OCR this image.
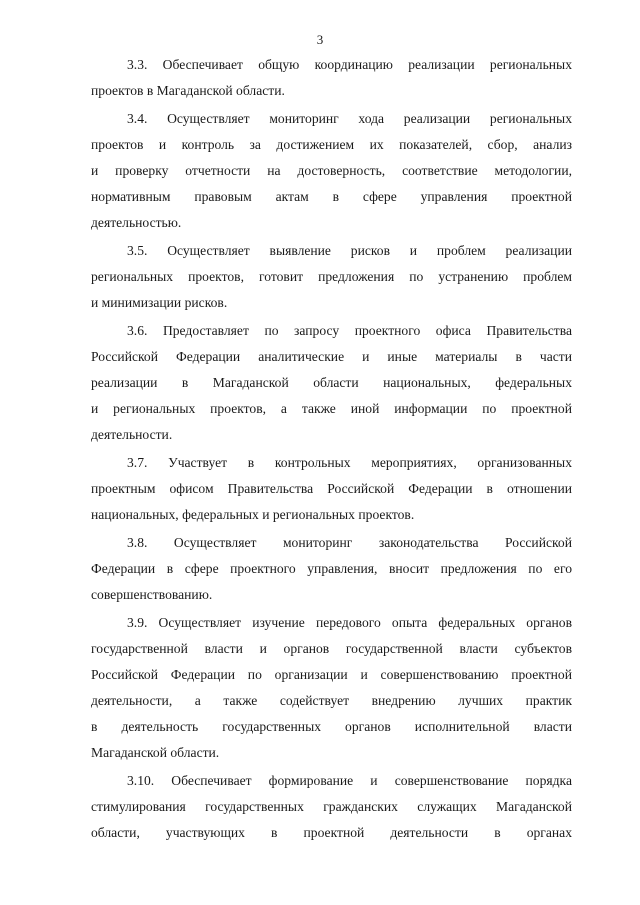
3
3.3. Обеспечивает общую координацию реализации региональных
проектов в Магаданской области.
3.4. Осуществляет мониторинг хода реализации региональных
проектов и контроль за достижением их показателей, сбор, анализ
и проверку отчетности на достоверность, соответствие методологии,
нормативным правовым актам в сфере управления проектной
деятельностью.
3.5. Осуществляет выявление рисков и проблем реализации
региональных проектов, готовит предложения по устранению проблем
и минимизации рисков.
3.6. Предоставляет по запросу проектного офиса Правительства
Российской Федерации аналитические и иные материалы в части
реализации в Магаданской области национальных, федеральных
и региональных проектов, а также иной информации по проектной
деятельности.
3.7. Участвует в контрольных мероприятиях, организованных
проектным офисом Правительства Российской Федерации в отношении
национальных, федеральных и региональных проектов.
3.8. Осуществляет мониторинг законодательства Российской
Федерации в сфере проектного управления, вносит предложения по его
совершенствованию.
3.9. Осуществляет изучение передового опыта федеральных органов
государственной власти и органов государственной власти субъектов
Российской Федерации по организации и совершенствованию проектной
деятельности, а также содействует внедрению лучших практик
в деятельность государственных органов исполнительной власти
Магаданской области.
3.10. Обеспечивает формирование и совершенствование порядка
стимулирования государственных гражданских служащих Магаданской
области, участвующих в проектной деятельности в органах
